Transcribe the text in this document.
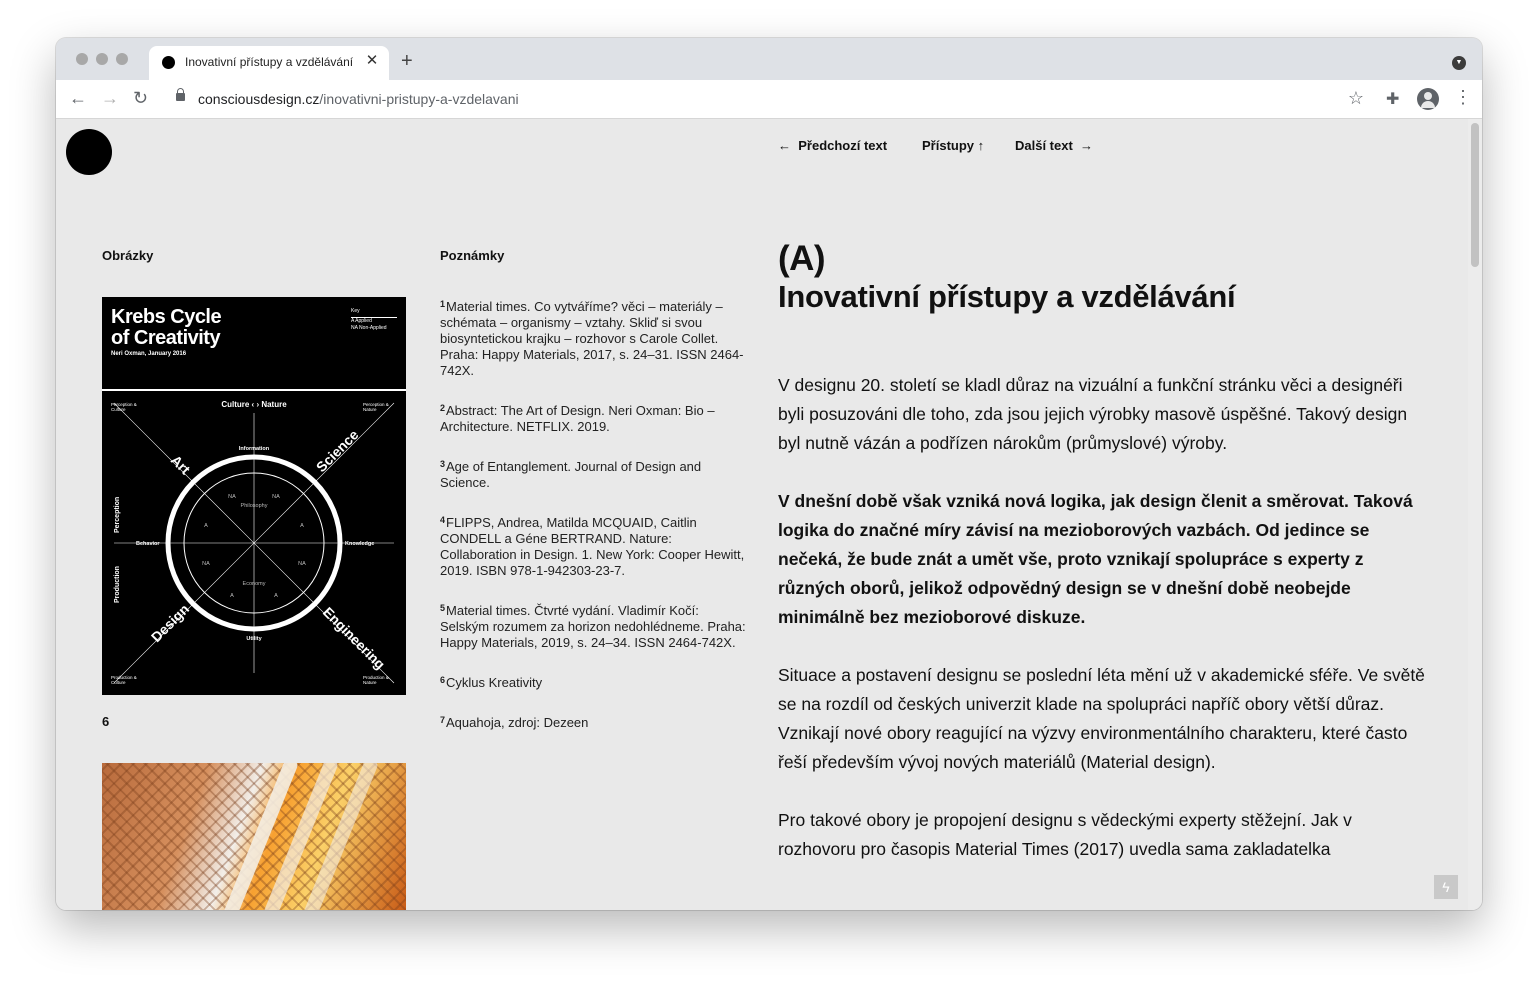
Inovativní přístupy a vzdělávání ✕ +	▼
← → ↻	consciousdesign.cz/inovativni-pristupy-a-vzdelavani	☆ ✚	⋮
← Předchozí text	Přístupy ↑ Další text →
Obrázky
Krebs Cycle
of Creativity
Neri Oxman, January 2016
Key
A Applied
NA Non-Applied
Culture ‹ › Nature
Information
Utility
Behavior	Knowledge
Art	Science
Design	Engineering
Perception
Production
Philosophy
Economy
NA	NA
A	A
NA	NA
A	A
Perception & Culture
Perception & Nature
Production & Culture
Production & Nature
6
Poznámky
$^1$Material times. Co vytváříme? věci – materiály – schémata – organismy – vztahy. Skliď si svou biosyntetickou krajku – rozhovor s Carole Collet. Praha: Happy Materials, 2017, s. 24–31. ISSN 2464-742X.
$^2$Abstract: The Art of Design. Neri Oxman: Bio – Architecture. NETFLIX. 2019.
$^3$Age of Entanglement. Journal of Design and Science.
$^4$FLIPPS, Andrea, Matilda MCQUAID, Caitlin CONDELL a Géne BERTRAND. Nature: Collaboration in Design. 1. New York: Cooper Hewitt, 2019. ISBN 978-1-942303-23-7.
$^5$Material times. Čtvrté vydání. Vladimír Kočí: Selským rozumem za horizon nedohlédneme. Praha: Happy Materials, 2019, s. 24–34. ISSN 2464-742X.
$^6$Cyklus Kreativity
$^7$Aquahoja, zdroj: Dezeen
(A)
Inovativní přístupy a vzdělávání

V designu 20. století se kladl důraz na vizuální a funkční stránku věci a designéři byli posuzováni dle toho, zda jsou jejich výrobky masově úspěšné. Takový design byl nutně vázán a podřízen nárokům (průmyslové) výroby.

V dnešní době však vzniká nová logika, jak design členit a směrovat. Taková logika do značné míry závisí na mezioborových vazbách. Od jedince se nečeká, že bude znát a umět vše, proto vznikají spolupráce s experty z různých oborů, jelikož odpovědný design se v dnešní době neobejde minimálně bez mezioborové diskuze.

Situace a postavení designu se poslední léta mění už v akademické sféře. Ve světě se na rozdíl od českých univerzit klade na spolupráci napříč obory větší důraz. Vznikají nové obory reagující na výzvy environmentálního charakteru, které často řeší především vývoj nových materiálů (Material design).

Pro takové obory je propojení designu s vědeckými experty stěžejní. Jak v rozhovoru pro časopis Material Times (2017) uvedla sama zakladatelka

ϟ
